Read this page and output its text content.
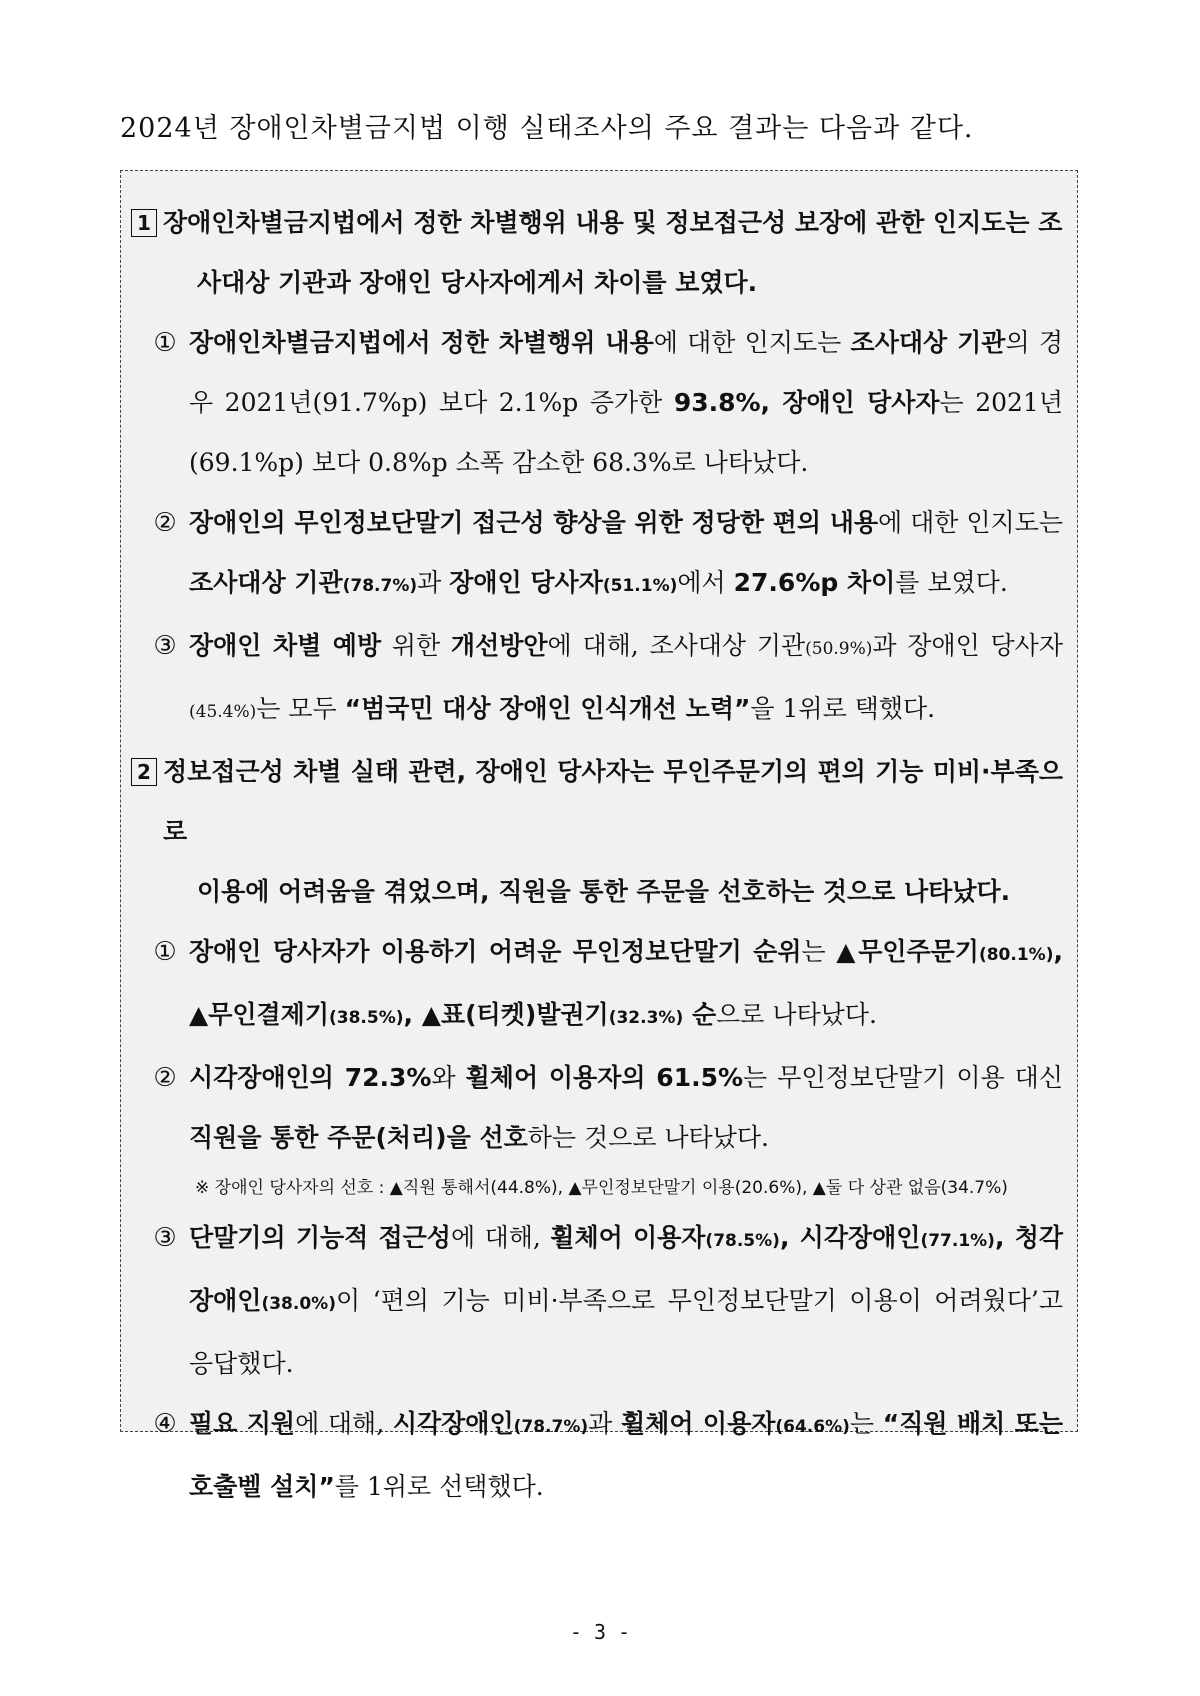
2024년 장애인차별금지법 이행 실태조사의 주요 결과는 다음과 같다.

1 장애인차별금지법에서 정한 차별행위 내용 및 정보접근성 보장에 관한 인지도는 조
사대상 기관과 장애인 당사자에게서 차이를 보였다.
① 장애인차별금지법에서 정한 차별행위 내용에 대한 인지도는 조사대상 기관의 경우 2021년(91.7%p) 보다 2.1%p 증가한 93.8%, 장애인 당사자는 2021년(69.1%p) 보다 0.8%p 소폭 감소한 68.3%로 나타났다.

② 장애인의 무인정보단말기 접근성 향상을 위한 정당한 편의 내용에 대한 인지도는 조사대상 기관(78.7%)과 장애인 당사자(51.1%)에서 27.6%p 차이를 보였다.

③ 장애인 차별 예방 위한 개선방안에 대해, 조사대상 기관(50.9%)과 장애인 당사자(45.4%)는 모두 “범국민 대상 장애인 인식개선 노력”을 1위로 택했다.

2 정보접근성 차별 실태 관련, 장애인 당사자는 무인주문기의 편의 기능 미비·부족으로
이용에 어려움을 겪었으며, 직원을 통한 주문을 선호하는 것으로 나타났다.
① 장애인 당사자가 이용하기 어려운 무인정보단말기 순위는 ▲무인주문기(80.1%), ▲무인결제기(38.5%), ▲표(티켓)발권기(32.3%) 순으로 나타났다.

② 시각장애인의 72.3%와 휠체어 이용자의 61.5%는 무인정보단말기 이용 대신 직원을 통한 주문(처리)을 선호하는 것으로 나타났다.

※ 장애인 당사자의 선호 : ▲직원 통해서(44.8%), ▲무인정보단말기 이용(20.6%), ▲둘 다 상관 없음(34.7%)

③ 단말기의 기능적 접근성에 대해, 휠체어 이용자(78.5%), 시각장애인(77.1%), 청각장애인(38.0%)이 ‘편의 기능 미비·부족으로 무인정보단말기 이용이 어려웠다’고 응답했다.

④ 필요 지원에 대해, 시각장애인(78.7%)과 휠체어 이용자(64.6%)는 “직원 배치 또는 호출벨 설치”를 1위로 선택했다.

- 3 -
